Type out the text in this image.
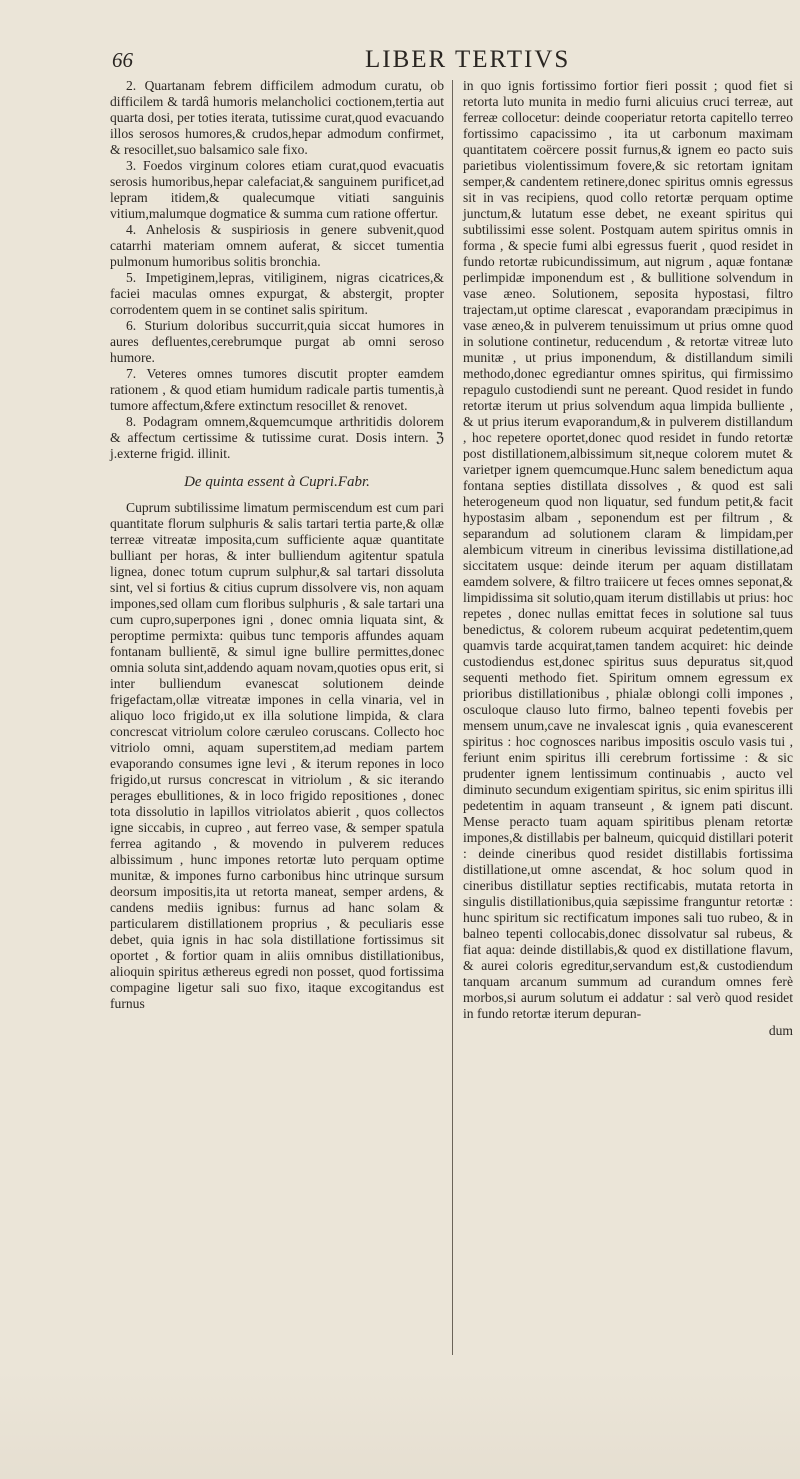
66	LIBER TERTIVS

2. Quartanam febrem difficilem admodum curatu, ob difficilem & tardâ humoris melancholici coctionem,tertia aut quarta dosi, per toties iterata, tutissime curat,quod evacuando illos serosos humores,& crudos,hepar admodum confirmet, & resocillet,suo balsamico sale fixo.

3. Foedos virginum colores etiam curat,quod evacuatis serosis humoribus,hepar calefaciat,& sanguinem purificet,ad lepram itidem,& qualecumque vitiati sanguinis vitium,malumque dogmatice & summa cum ratione offertur.

4. Anhelosis & suspiriosis in genere subvenit,quod catarrhi materiam omnem auferat, & siccet tumentia pulmonum humoribus solitis bronchia.

5. Impetiginem,lepras, vitiliginem, nigras cicatrices,& faciei maculas omnes expurgat, & abstergit, propter corrodentem quem in se continet salis spiritum.

6. Sturium doloribus succurrit,quia siccat humores in aures defluentes,cerebrumque purgat ab omni seroso humore.

7. Veteres omnes tumores discutit propter eamdem rationem , & quod etiam humidum radicale partis tumentis,à tumore affectum,&fere extinctum resocillet & renovet.

8. Podagram omnem,&quemcumque arthritidis dolorem & affectum certissime & tutissime curat. Dosis intern. ℨ j.externe frigid. illinit.

De quinta essent à Cupri.Fabr.

Cuprum subtilissime limatum permiscendum est cum pari quantitate florum sulphuris & salis tartari tertia parte,& ollæ terreæ vitreatæ imposita,cum sufficiente aquæ quantitate bulliant per horas, & inter bulliendum agitentur spatula lignea, donec totum cuprum sulphur,& sal tartari dissoluta sint, vel si fortius & citius cuprum dissolvere vis, non aquam impones,sed ollam cum floribus sulphuris , & sale tartari una cum cupro,superpones igni , donec omnia liquata sint, & peroptime permixta: quibus tunc temporis affundes aquam fontanam bullientē, & simul igne bullire permittes,donec omnia soluta sint,addendo aquam novam,quoties opus erit, si inter bulliendum evanescat solutionem deinde frigefactam,ollæ vitreatæ impones in cella vinaria, vel in aliquo loco frigido,ut ex illa solutione limpida, & clara concrescat vitriolum colore cæruleo coruscans. Collecto hoc vitriolo omni, aquam superstitem,ad mediam partem evaporando consumes igne levi , & iterum repones in loco frigido,ut rursus concrescat in vitriolum , & sic iterando perages ebullitiones, & in loco frigido repositiones , donec tota dissolutio in lapillos vitriolatos abierit , quos collectos igne siccabis, in cupreo , aut ferreo vase, & semper spatula ferrea agitando , & movendo in pulverem reduces albissimum , hunc impones retortæ luto perquam optime munitæ, & impones furno carbonibus hinc utrinque sursum deorsum impositis,ita ut retorta maneat, semper ardens, & candens mediis ignibus: furnus ad hanc solam & particularem distillationem proprius , & peculiaris esse debet, quia ignis in hac sola distillatione fortissimus sit oportet , & fortior quam in aliis omnibus distillationibus, alioquin spiritus æthereus egredi non posset, quod fortissima compagine ligetur sali suo fixo, itaque excogitandus est furnus

in quo ignis fortissimo fortior fieri possit ; quod fiet si retorta luto munita in medio furni alicuius cruci terreæ, aut ferreæ collocetur: deinde cooperiatur retorta capitello terreo fortissimo capacissimo , ita ut carbonum maximam quantitatem coërcere possit furnus,& ignem eo pacto suis parietibus violentissimum fovere,& sic retortam ignitam semper,& candentem retinere,donec spiritus omnis egressus sit in vas recipiens, quod collo retortæ perquam optime junctum,& lutatum esse debet, ne exeant spiritus qui subtilissimi esse solent. Postquam autem spiritus omnis in forma , & specie fumi albi egressus fuerit , quod residet in fundo retortæ rubicundissimum, aut nigrum , aquæ fontanæ perlimpidæ imponendum est , & bullitione solvendum in vase æneo. Solutionem, seposita hypostasi, filtro trajectam,ut optime clarescat , evaporandam præcipimus in vase æneo,& in pulverem tenuissimum ut prius omne quod in solutione continetur, reducendum , & retortæ vitreæ luto munitæ , ut prius imponendum, & distillandum simili methodo,donec egrediantur omnes spiritus, qui firmissimo repagulo custodiendi sunt ne pereant. Quod residet in fundo retortæ iterum ut prius solvendum aqua limpida bulliente , & ut prius iterum evaporandum,& in pulverem distillandum , hoc repetere oportet,donec quod residet in fundo retortæ post distillationem,albissimum sit,neque colorem mutet & varietper ignem quemcumque.Hunc salem benedictum aqua fontana septies distillata dissolves , & quod est sali heterogeneum quod non liquatur, sed fundum petit,& facit hypostasim albam , seponendum est per filtrum , & separandum ad solutionem claram & limpidam,per alembicum vitreum in cineribus levissima distillatione,ad siccitatem usque: deinde iterum per aquam distillatam eamdem solvere, & filtro traiicere ut feces omnes seponat,& limpidissima sit solutio,quam iterum distillabis ut prius: hoc repetes , donec nullas emittat feces in solutione sal tuus benedictus, & colorem rubeum acquirat pedetentim,quem quamvis tarde acquirat,tamen tandem acquiret: hic deinde custodiendus est,donec spiritus suus depuratus sit,quod sequenti methodo fiet. Spiritum omnem egressum ex prioribus distillationibus , phialæ oblongi colli impones , osculoque clauso luto firmo, balneo tepenti fovebis per mensem unum,cave ne invalescat ignis , quia evanescerent spiritus : hoc cognosces naribus impositis osculo vasis tui , feriunt enim spiritus illi cerebrum fortissime : & sic prudenter ignem lentissimum continuabis , aucto vel diminuto secundum exigentiam spiritus, sic enim spiritus illi pedetentim in aquam transeunt , & ignem pati discunt. Mense peracto tuam aquam spiritibus plenam retortæ impones,& distillabis per balneum, quicquid distillari poterit : deinde cineribus quod residet distillabis fortissima distillatione,ut omne ascendat, & hoc solum quod in cineribus distillatur septies rectificabis, mutata retorta in singulis distillationibus,quia sæpissime franguntur retortæ : hunc spiritum sic rectificatum impones sali tuo rubeo, & in balneo tepenti collocabis,donec dissolvatur sal rubeus, & fiat aqua: deinde distillabis,& quod ex distillatione flavum, & aurei coloris egreditur,servandum est,& custodiendum tanquam arcanum summum ad curandum omnes ferè morbos,si aurum solutum ei addatur : sal verò quod residet in fundo retortæ iterum depuran-

dum
